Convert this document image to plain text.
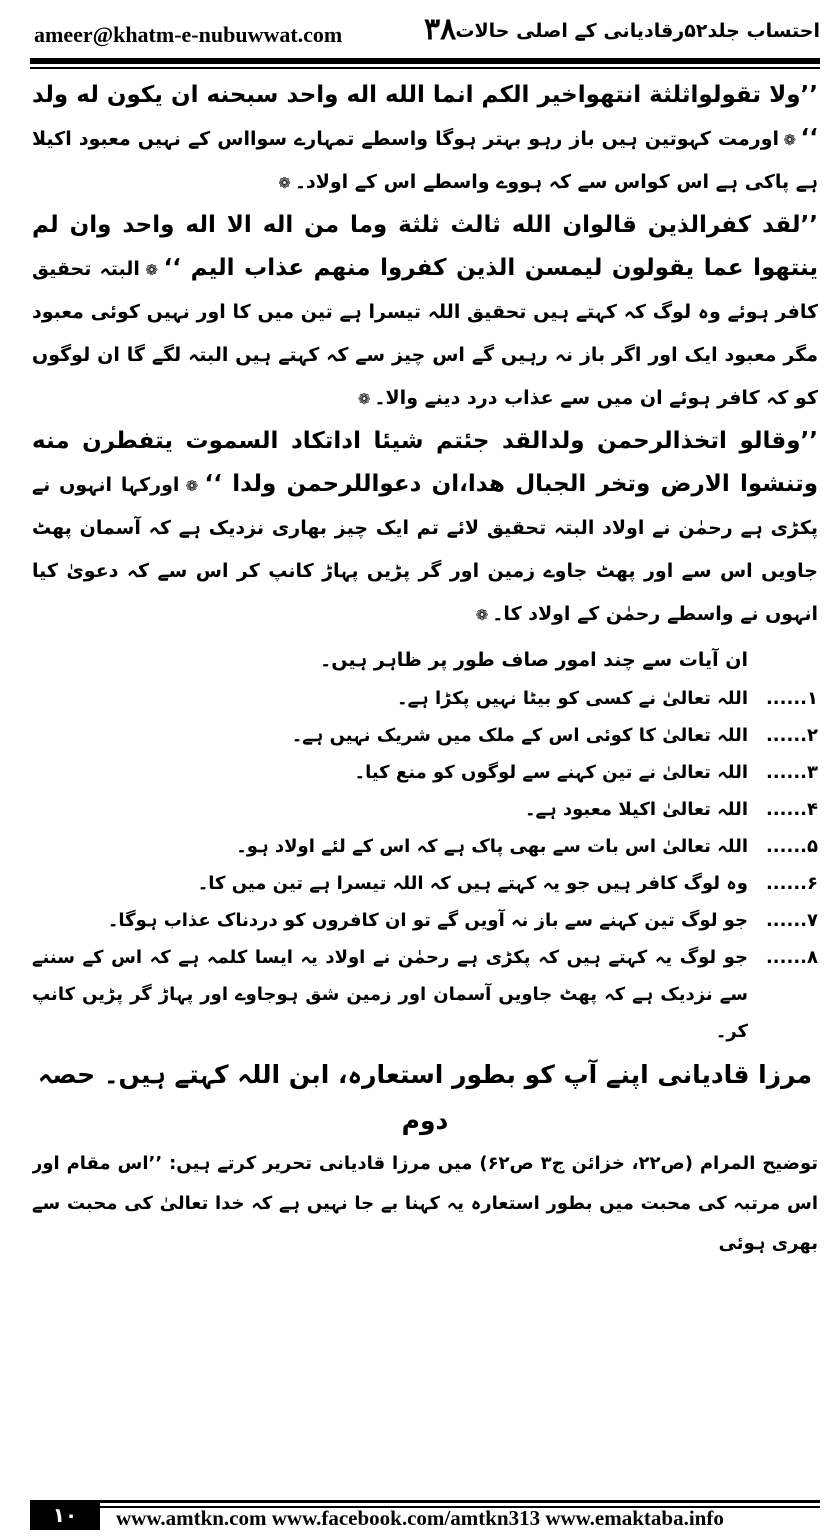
ameer@khatm-e-nubuwwat.com	۳۸ احتساب جلد۵۲رقادیانی کے اصلی حالات

’’ولا تقولواثلثة انتهواخير الكم انما الله اله واحد سبحنه ان يكون له ولد ‘‘ ❁ اورمت کہوتین ہیں باز رہو بہتر ہوگا واسطے تمہارے سوااس کے نہیں معبود اکیلا ہے پاکی ہے اس کواس سے کہ ہووے واسطے اس کے اولاد۔ ❁

’’لقد كفرالذين قالوان الله ثالث ثلثة وما من اله الا اله واحد وان لم ينتهوا عما يقولون ليمسن الذين كفروا منهم عذاب اليم ‘‘ ❁ البتہ تحقیق کافر ہوئے وہ لوگ کہ کہتے ہیں تحقیق اللہ تیسرا ہے تین میں کا اور نہیں کوئی معبود مگر معبود ایک اور اگر باز نہ رہیں گے اس چیز سے کہ کہتے ہیں البتہ لگے گا ان لوگوں کو کہ کافر ہوئے ان میں سے عذاب درد دینے والا۔ ❁

’’وقالو اتخذالرحمن ولدالقد جئتم شيئا اداتكاد السموت يتفطرن منه وتنشوا الارض وتخر الجبال هدا،ان دعواللرحمن ولدا ‘‘ ❁ اورکہا انہوں نے پکڑی ہے رحمٰن نے اولاد البتہ تحقیق لائے تم ایک چیز بھاری نزدیک ہے کہ آسمان پھٹ جاویں اس سے اور پھٹ جاوے زمین اور گر پڑیں پہاڑ کانپ کر اس سے کہ دعویٰ کیا انہوں نے واسطے رحمٰن کے اولاد کا۔ ❁

ان آیات سے چند امور صاف طور پر ظاہر ہیں۔
۱......
اللہ تعالیٰ نے کسی کو بیٹا نہیں پکڑا ہے۔
۲......
اللہ تعالیٰ کا کوئی اس کے ملک میں شریک نہیں ہے۔
۳......
اللہ تعالیٰ نے تین کہنے سے لوگوں کو منع کیا۔
۴......
اللہ تعالیٰ اکیلا معبود ہے۔
۵......
اللہ تعالیٰ اس بات سے بھی پاک ہے کہ اس کے لئے اولاد ہو۔
۶......
وہ لوگ کافر ہیں جو یہ کہتے ہیں کہ اللہ تیسرا ہے تین میں کا۔
۷......
جو لوگ تین کہنے سے باز نہ آویں گے تو ان کافروں کو دردناک عذاب ہوگا۔
۸......
جو لوگ یہ کہتے ہیں کہ پکڑی ہے رحمٰن نے اولاد یہ ایسا کلمہ ہے کہ اس کے سننے سے نزدیک ہے کہ پھٹ جاویں آسمان اور زمین شق ہوجاوے اور پہاڑ گر پڑیں کانپ کر۔
مرزا قادیانی اپنے آپ کو بطور استعارہ، ابن اللہ کہتے ہیں۔ حصہ دوم

توضیح المرام (ص۲۲، خزائن ج۳ ص۶۲) میں مرزا قادیانی تحریر کرتے ہیں: ’’اس مقام اور اس مرتبہ کی محبت میں بطور استعارہ یہ کہنا بے جا نہیں ہے کہ خدا تعالیٰ کی محبت سے بھری ہوئی

۱۰	www.amtkn.com www.facebook.com/amtkn313 www.emaktaba.info
